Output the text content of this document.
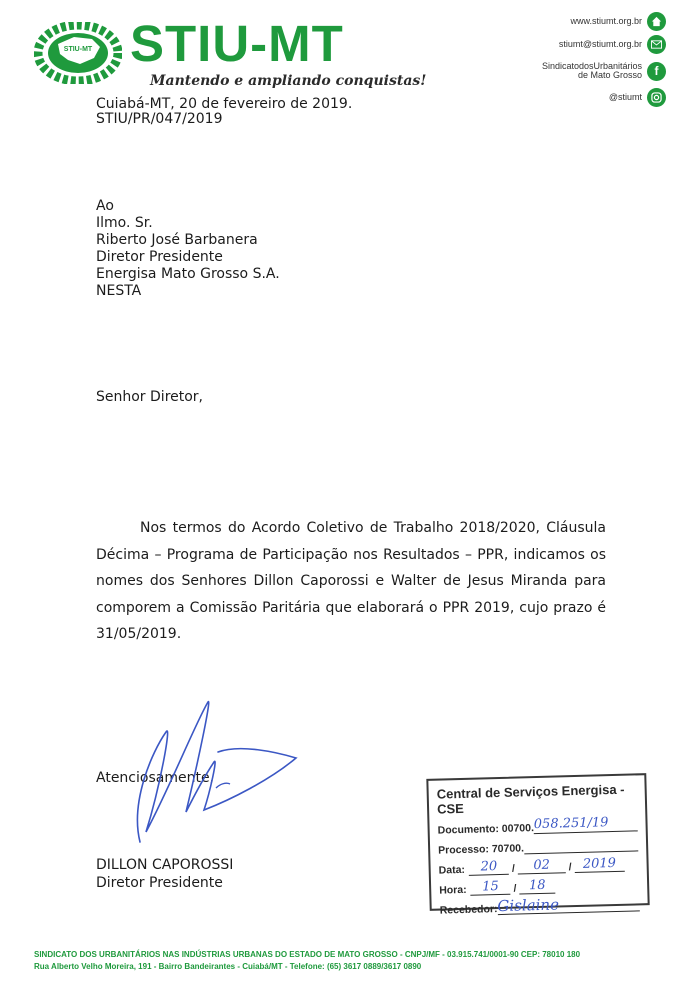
STIU-MT STIU-MT
Mantendo e ampliando conquistas!
www.stiumt.org.br
stiumt@stiumt.org.br
SindicatodosUrbanitários
de Mato Grosso f
@stiumt
Cuiabá-MT, 20 de fevereiro de 2019.
STIU/PR/047/2019
Ao
Ilmo. Sr.
Riberto José Barbanera
Diretor Presidente
Energisa Mato Grosso S.A.
NESTA
Senhor Diretor,
Nos termos do Acordo Coletivo de Trabalho 2018/2020, Cláusula Décima – Programa de Participação nos Resultados – PPR, indicamos os nomes dos Senhores Dillon Caporossi e Walter de Jesus Miranda para comporem a Comissão Paritária que elaborará o PPR 2019, cujo prazo é 31/05/2019.
Atenciosamente,
DILLON CAPOROSSI
Diretor Presidente
Central de Serviços Energisa - CSE
Documento: 00700. 058.251/19
Processo: 70700.
Data:	20	/	02	/ 2019
Hora:	15	/ 18
Recebedor: Gislaine
SINDICATO DOS URBANITÁRIOS NAS INDÚSTRIAS URBANAS DO ESTADO DE MATO GROSSO - CNPJ/MF - 03.915.741/0001-90 CEP: 78010 180
Rua Alberto Velho Moreira, 191 - Bairro Bandeirantes - Cuiabá/MT - Telefone: (65) 3617 0889/3617 0890
